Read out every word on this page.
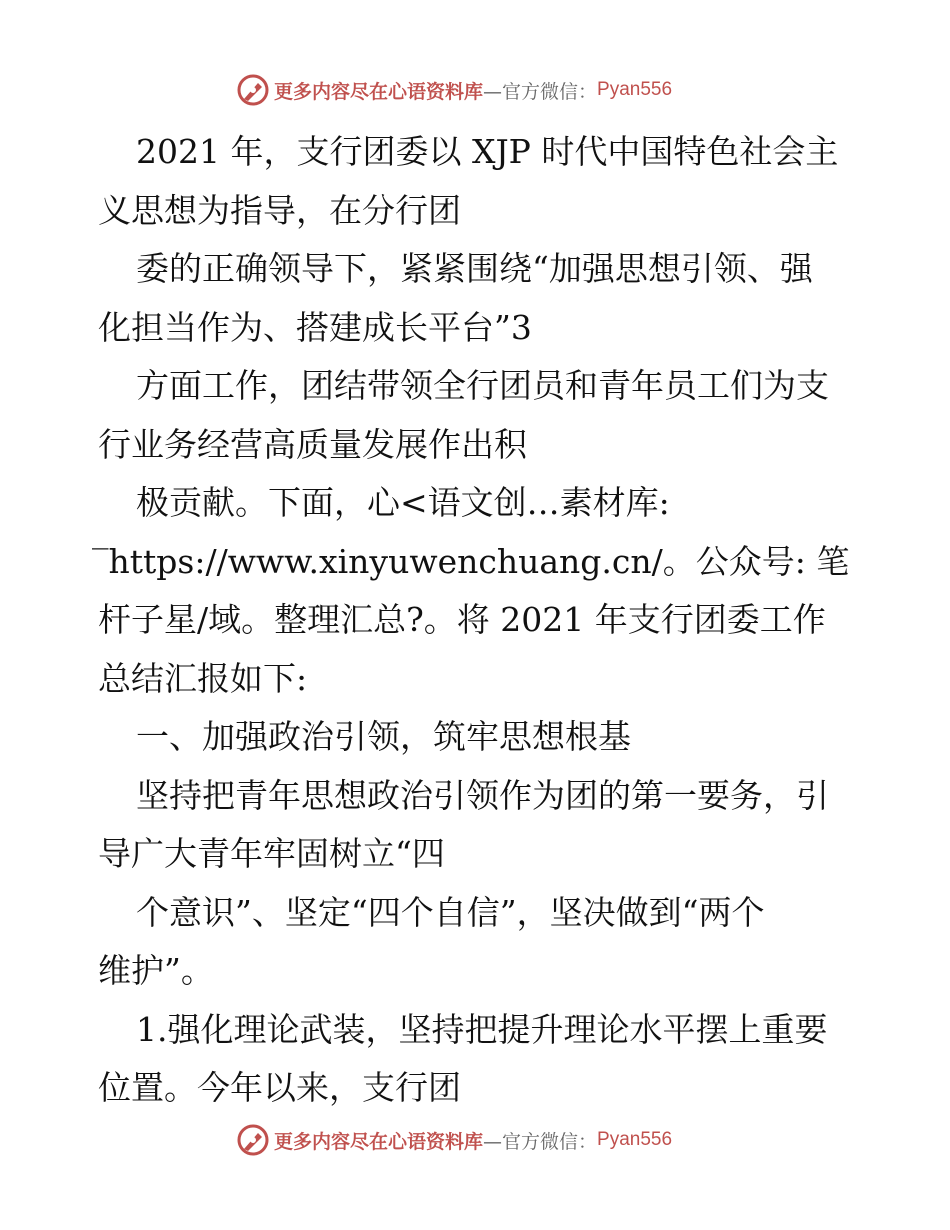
更多内容尽在心语资料库 —官方微信： Pyan556
2021 年，支行团委以 XJP 时代中国特色社会主
义思想为指导，在分行团
委的正确领导下，紧紧围绕“加强思想引领、强
化担当作为、搭建成长平台”3
方面工作，团结带领全行团员和青年员工们为支
行业务经营高质量发展作出积
极贡献。下面，心<语文创…素材库:
‾https://www.xinyuwenchuang.cn/。公众号: 笔
杆子星/域。整理汇总?。将 2021 年支行团委工作
总结汇报如下:
一、加强政治引领，筑牢思想根基
坚持把青年思想政治引领作为团的第一要务，引
导广大青年牢固树立“四
个意识”、坚定“四个自信”，坚决做到“两个
维护”。
1.强化理论武装，坚持把提升理论水平摆上重要
位置。今年以来，支行团
更多内容尽在心语资料库 —官方微信： Pyan556
